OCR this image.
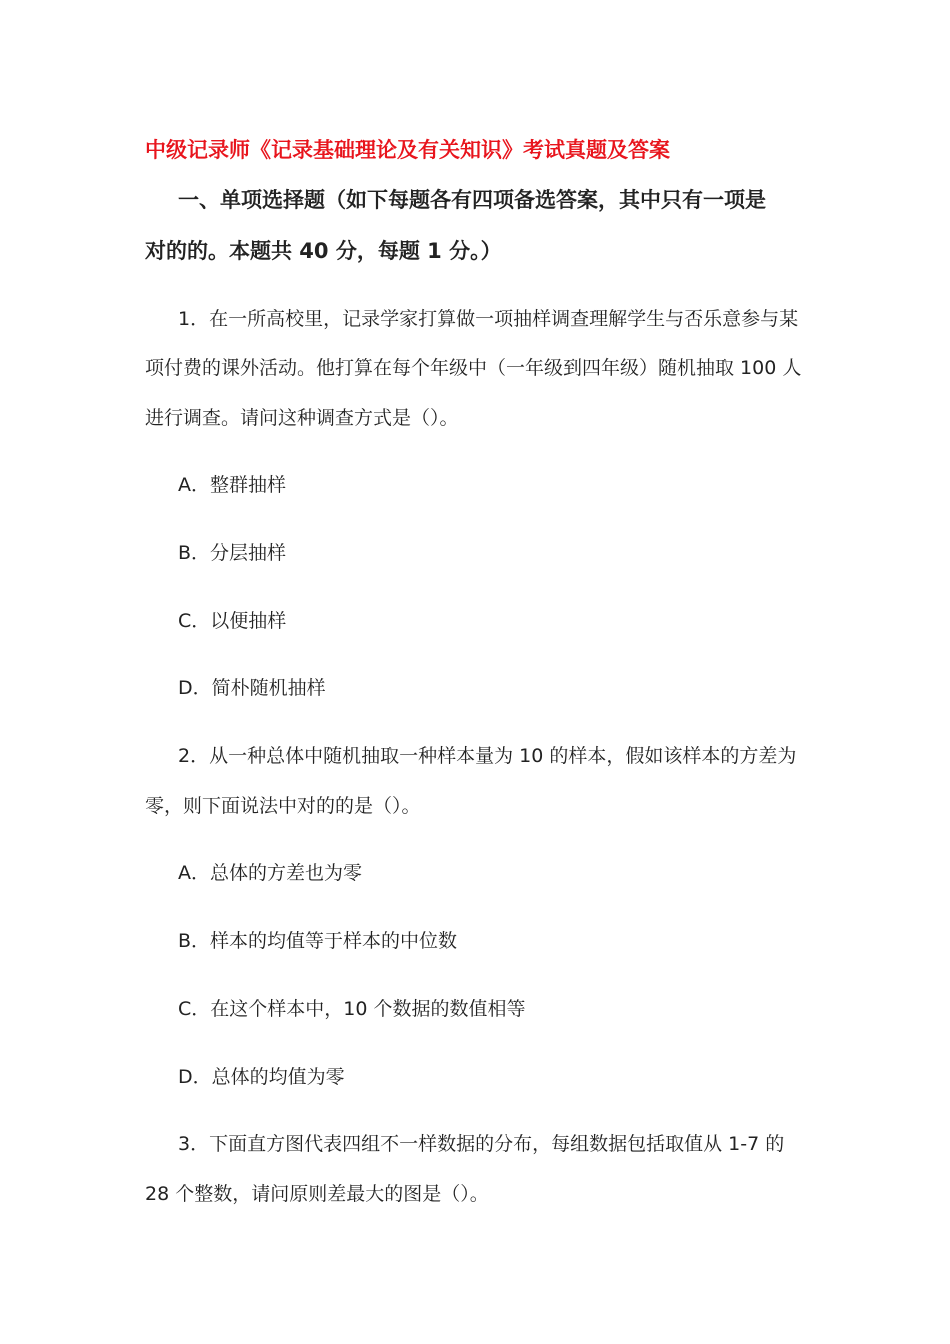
中级记录师《记录基础理论及有关知识》考试真题及答案
一、单项选择题（如下每题各有四项备选答案，其中只有一项是
对的的。本题共 40 分，每题 1 分。）
1．在一所高校里，记录学家打算做一项抽样调查理解学生与否乐意参与某
项付费的课外活动。他打算在每个年级中（一年级到四年级）随机抽取 100 人
进行调查。请问这种调查方式是（）。
A．整群抽样
B．分层抽样
C．以便抽样
D．简朴随机抽样
2．从一种总体中随机抽取一种样本量为 10 的样本，假如该样本的方差为
零，则下面说法中对的的是（）。
A．总体的方差也为零
B．样本的均值等于样本的中位数
C．在这个样本中，10 个数据的数值相等
D．总体的均值为零
3．下面直方图代表四组不一样数据的分布，每组数据包括取值从 1-7 的
28 个整数，请问原则差最大的图是（）。
